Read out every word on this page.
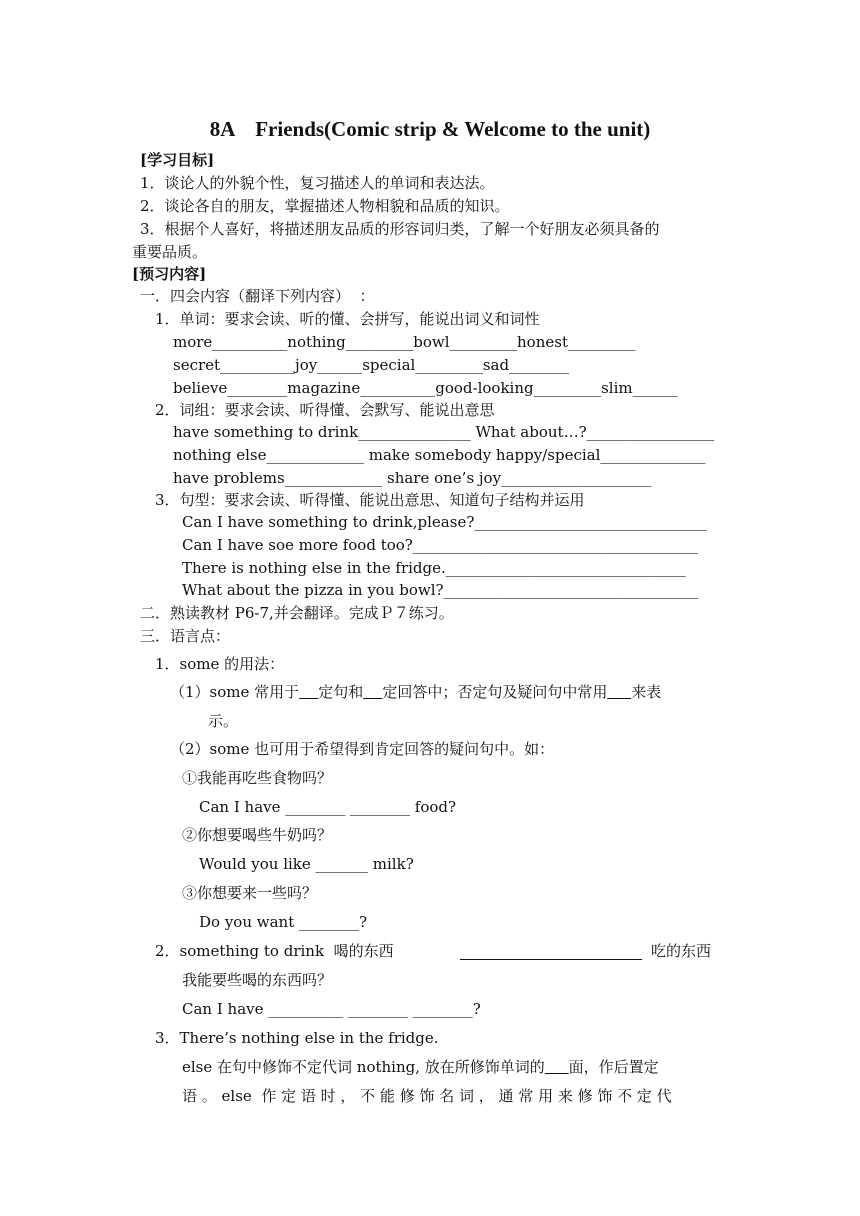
8A    Friends(Comic strip & Welcome to the unit)
[学习目标]
1．谈论人的外貌个性，复习描述人的单词和表达法。
2．谈论各自的朋友，掌握描述人物相貌和品质的知识。
3．根据个人喜好，将描述朋友品质的形容词归类，了解一个好朋友必须具备的
重要品质。
[预习内容]
一．四会内容（翻译下列内容）  ：
1．单词：要求会读、听的懂、会拼写，能说出词义和词性
more__________nothing_________bowl_________honest_________
secret__________joy______special_________sad________
believe________magazine__________good-looking_________slim______
2．词组：要求会读、听得懂、会默写、能说出意思
have something to drink_______________ What about…?_________________
nothing else_____________ make somebody happy/special______________
have problems_____________ share one’s joy____________________
3．句型：要求会读、听得懂、能说出意思、知道句子结构并运用
Can I have something to drink,please?_______________________________
Can I have soe more food too?______________________________________
There is nothing else in the fridge.________________________________
What about the pizza in you bowl?__________________________________
二．熟读教材 P6-7,并会翻译。完成Ｐ７练习。
三．语言点：
1．some 的用法：
（1）some 常用于 定句和 定回答中；否定句及疑问句中常用 来表
示。
（2）some 也可用于希望得到肯定回答的疑问句中。如：
①我能再吃些食物吗？
Can I have ________ ________ food?
②你想要喝些牛奶吗？
Would you like _______ milk?
③你想要来一些吗？
Do you want ________?
2．something to drink  喝的东西	吃的东西
我能要些喝的东西吗？
Can I have __________ ________ ________?
3．There’s nothing else in the fridge.
else 在句中修饰不定代词 nothing, 放在所修饰单词的 面，作后置定
语 。 else  作 定 语 时 ， 不 能 修 饰 名 词 ， 通 常 用 来 修 饰 不 定 代
